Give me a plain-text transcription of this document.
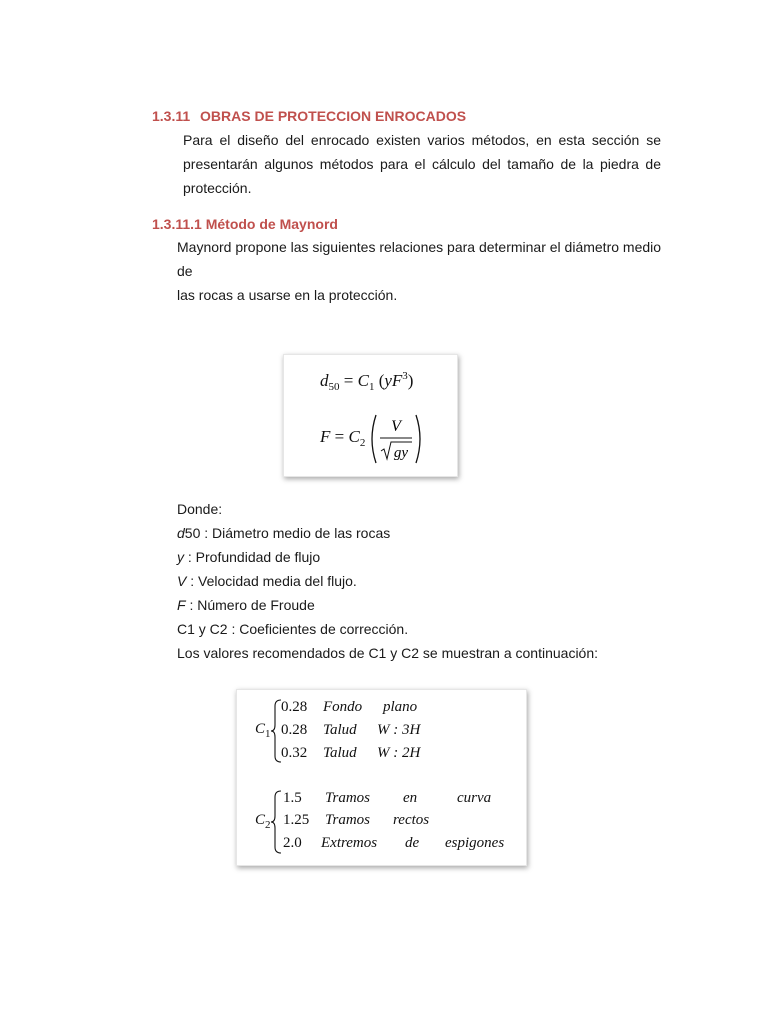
1.3.11 OBRAS DE PROTECCION ENROCADOS
Para el diseño del enrocado existen varios métodos, en esta sección se
presentarán algunos métodos para el cálculo del tamaño de la piedra de
protección.
1.3.11.1 Método de Maynord
Maynord propone las siguientes relaciones para determinar el diámetro medio
de
las rocas a usarse en la protección.
$d_{50} = C_1$ $(yF^3)$
$F = C_2$
V
gy
Donde:
d50 : Diámetro medio de las rocas
y : Profundidad de flujo
V : Velocidad media del flujo.
F : Número de Froude
C1 y C2 : Coeficientes de corrección.
Los valores recomendados de C1 y C2 se muestran a continuación:
$C_1$
0.28 Fondo plano
0.28 Talud W : 3H
0.32 Talud W : 2H
$C_2$
1.5 Tramos en	curva
1.25 Tramos rectos
2.0 Extremos de espigones
